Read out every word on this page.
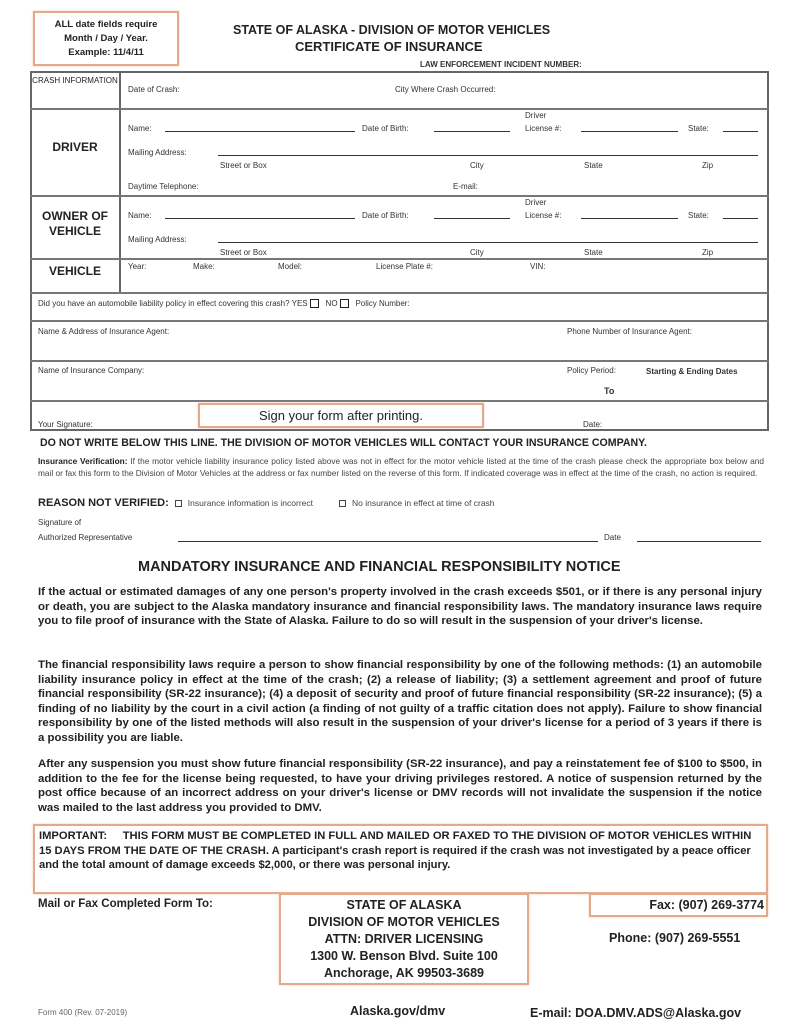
ALL date fields require
Month / Day / Year.
Example: 11/4/11
STATE OF ALASKA - DIVISION OF MOTOR VEHICLES
CERTIFICATE OF INSURANCE
LAW ENFORCEMENT INCIDENT NUMBER:
CRASH INFORMATION
Date of Crash:	City Where Crash Occurred:
DRIVER
Name:	Date of Birth:
Driver
License #:	State:
Mailing Address:
Street or Box	City	State	Zip
Daytime Telephone:	E-mail:
OWNER OF VEHICLE
Name:	Date of Birth:
Driver
License #:	State:
Mailing Address:
Street or Box	City	State	Zip
VEHICLE	Year:	Make:	Model:	License Plate #:	VIN:
Did you have an automobile liability policy in effect covering this crash? YES NO Policy Number:
Name & Address of Insurance Agent:	Phone Number of Insurance Agent:
Name of Insurance Company:	Policy Period:	Starting & Ending Dates
To
Your Signature:
Sign your form after printing.
Date:
DO NOT WRITE BELOW THIS LINE. THE DIVISION OF MOTOR VEHICLES WILL CONTACT YOUR INSURANCE COMPANY.
Insurance Verification: If the motor vehicle liability insurance policy listed above was not in effect for the motor vehicle listed at the time of the crash please check the appropriate box below and mail or fax this form to the Division of Motor Vehicles at the address or fax number listed on the reverse of this form. If indicated coverage was in effect at the time of the crash, no action is required.
REASON NOT VERIFIED: Insurance information is incorrect	No insurance in effect at time of crash
Signature of
Authorized Representative	Date
MANDATORY INSURANCE AND FINANCIAL RESPONSIBILITY NOTICE
If the actual or estimated damages of any one person's property involved in the crash exceeds $501, or if there is any personal injury or death, you are subject to the Alaska mandatory insurance and financial responsibility laws. The mandatory insurance laws require you to file proof of insurance with the State of Alaska. Failure to do so will result in the suspension of your driver's license.
The financial responsibility laws require a person to show financial responsibility by one of the following methods: (1) an automobile liability insurance policy in effect at the time of the crash; (2) a release of liability; (3) a settlement agreement and proof of future financial responsibility (SR-22 insurance); (4) a deposit of security and proof of future financial responsibility (SR-22 insurance); (5) a finding of no liability by the court in a civil action (a finding of not guilty of a traffic citation does not apply). Failure to show financial responsibility by one of the listed methods will also result in the suspension of your driver's license for a period of 3 years if there is a possibility you are liable.
After any suspension you must show future financial responsibility (SR-22 insurance), and pay a reinstatement fee of $100 to $500, in addition to the fee for the license being requested, to have your driving privileges restored. A notice of suspension returned by the post office because of an incorrect address on your driver's license or DMV records will not invalidate the suspension if the notice was mailed to the last address you provided to DMV.
IMPORTANT: THIS FORM MUST BE COMPLETED IN FULL AND MAILED OR FAXED TO THE DIVISION OF MOTOR VEHICLES WITHIN 15 DAYS FROM THE DATE OF THE CRASH. A participant's crash report is required if the crash was not investigated by a peace officer and the total amount of damage exceeds $2,000, or there was personal injury.
Mail or Fax Completed Form To:	STATE OF ALASKA
DIVISION OF MOTOR VEHICLES
ATTN: DRIVER LICENSING
1300 W. Benson Blvd. Suite 100
Anchorage, AK 99503-3689
Fax: (907) 269-3774
Phone: (907) 269-5551
Form 400 (Rev. 07-2019)	Alaska.gov/dmv	E-mail: DOA.DMV.ADS@Alaska.gov
